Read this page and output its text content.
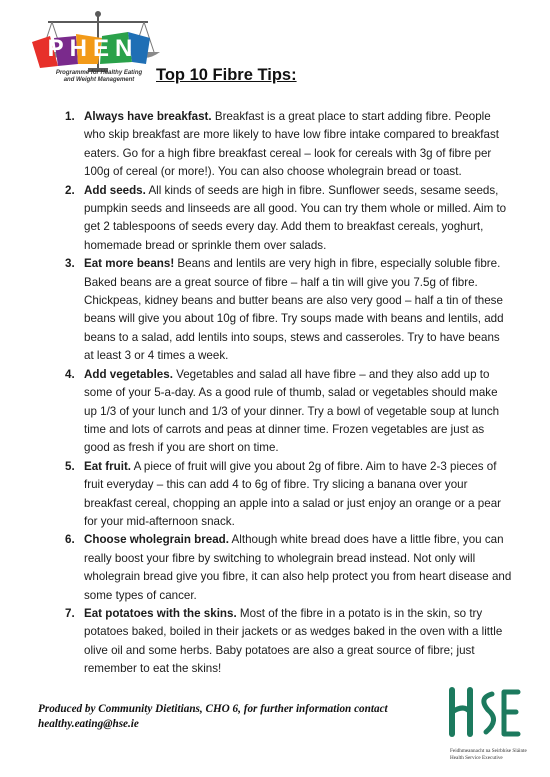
PHEN
Programme for Healthy Eating
and Weight Management	Top 10 Fibre Tips:
1. Always have breakfast. Breakfast is a great place to start adding fibre. People who skip breakfast are more likely to have low fibre intake compared to breakfast eaters. Go for a high fibre breakfast cereal – look for cereals with 3g of fibre per 100g of cereal (or more!). You can also choose wholegrain bread or toast.
2. Add seeds. All kinds of seeds are high in fibre. Sunflower seeds, sesame seeds, pumpkin seeds and linseeds are all good. You can try them whole or milled. Aim to get 2 tablespoons of seeds every day. Add them to breakfast cereals, yoghurt, homemade bread or sprinkle them over salads.
3. Eat more beans! Beans and lentils are very high in fibre, especially soluble fibre. Baked beans are a great source of fibre – half a tin will give you 7.5g of fibre. Chickpeas, kidney beans and butter beans are also very good – half a tin of these beans will give you about 10g of fibre. Try soups made with beans and lentils, add beans to a salad, add lentils into soups, stews and casseroles. Try to have beans at least 3 or 4 times a week.
4. Add vegetables. Vegetables and salad all have fibre – and they also add up to some of your 5-a-day. As a good rule of thumb, salad or vegetables should make up 1/3 of your lunch and 1/3 of your dinner. Try a bowl of vegetable soup at lunch time and lots of carrots and peas at dinner time. Frozen vegetables are just as good as fresh if you are short on time.
5. Eat fruit. A piece of fruit will give you about 2g of fibre. Aim to have 2-3 pieces of fruit everyday – this can add 4 to 6g of fibre. Try slicing a banana over your breakfast cereal, chopping an apple into a salad or just enjoy an orange or a pear for your mid-afternoon snack.
6. Choose wholegrain bread. Although white bread does have a little fibre, you can really boost your fibre by switching to wholegrain bread instead. Not only will wholegrain bread give you fibre, it can also help protect you from heart disease and some types of cancer.
7. Eat potatoes with the skins. Most of the fibre in a potato is in the skin, so try potatoes baked, boiled in their jackets or as wedges baked in the oven with a little olive oil and some herbs. Baby potatoes are also a great source of fibre; just remember to eat the skins!
Produced by Community Dietitians, CHO 6, for further information contact
healthy.eating@hse.ie
Feidhmeannacht na Seirbhíse Sláinte
Health Service Executive
